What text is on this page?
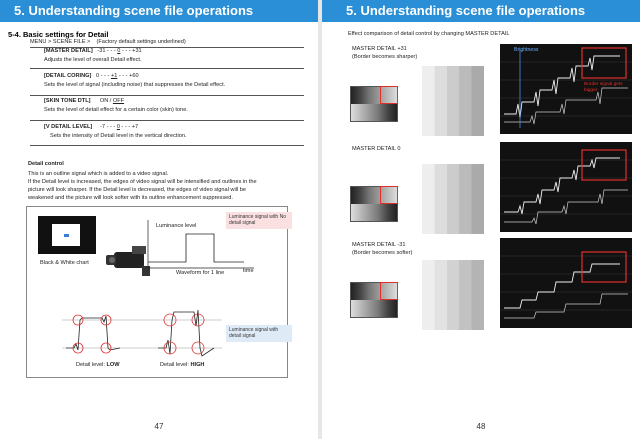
5. Understanding scene file operations
5-4. Basic settings for Detail
MENU > SCENE FILE > (Factory default settings underlined)
[MASTER DETAIL] -31 - - - 0 - - - +31
Adjusts the level of overall Detail effect.
[DETAIL CORING] 0 - - - +1 - - - +60
Sets the level of signal (including noise) that suppresses the Detail effect.
[SKIN TONE DTL] ON / OFF
Sets the level of detail effect for a certain color (skin) tone.
[V DETAIL LEVEL] -7 - - - 0 - - - +7
Sets the intensity of Detail level in the vertical direction.
Detail control
This is an outline signal which is added to a video signal.
If the Detail level is increased, the edges of video signal will be intensified and outlines in the
picture will look sharper. If the Detail level is decreased, the edges of video signal will be
weakened and the picture will look softer with its outline enhancement suppressed.
Black & White chart
Luminance level
time
Waveform for 1 line
Luminance signal with No detail signal
Luminance signal with detail signal
Detail level: LOW	Detail level: HIGH
47
5. Understanding scene file operations
Effect comparison of detail control by changing MASTER DETAIL
MASTER DETAIL +31
(Border becomes sharper)
Brightness
Border signal gets bigger
MASTER DETAIL 0
MASTER DETAIL -31
(Border becomes softer)
48
